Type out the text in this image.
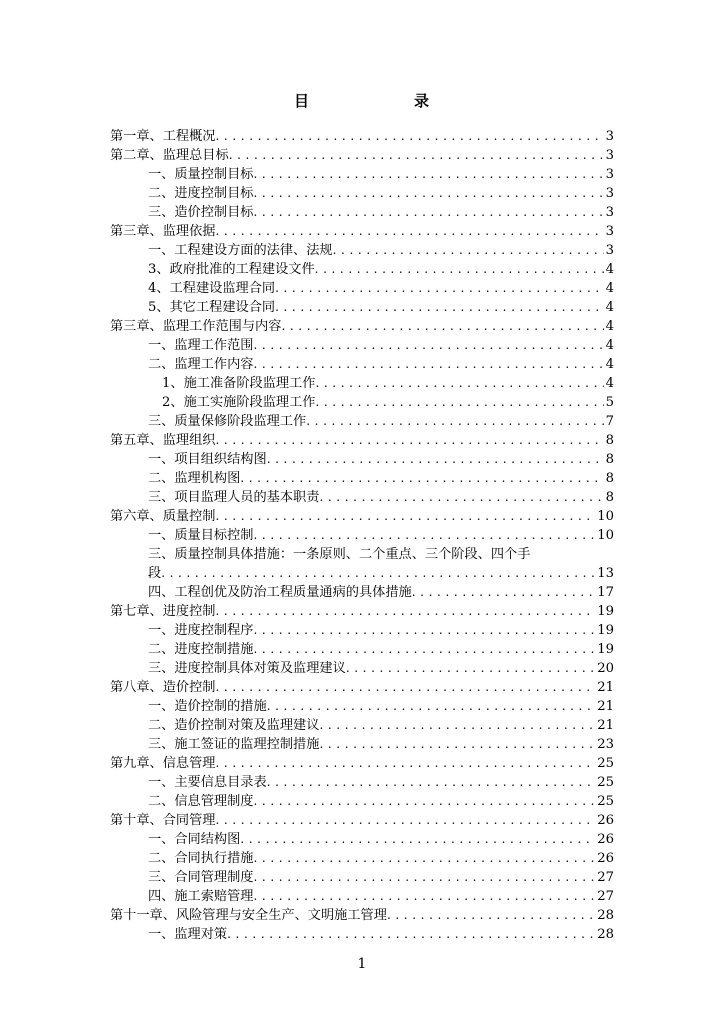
目	录
第一章、工程概况 . . .	3
第二章、监理总目标 . . .	3
一、质量控制目标 . . .	3
二、进度控制目标 . . .	3
三、造价控制目标 . . .	3
第三章、监理依据 . . .	3
一、工程建设方面的法律、法规 . . .	3
3、政府批准的工程建设文件 . . .	4
4、工程建设监理合同 . . .	4
5、其它工程建设合同 . . .	4
第三章、监理工作范围与内容 . . .	4
一、监理工作范围 . . .	4
二、监理工作内容 . . .	4
1、施工准备阶段监理工作 . . .	4
2、施工实施阶段监理工作 . . .	5
三、质量保修阶段监理工作 . . .	7
第五章、监理组织 . . .	8
一、项目组织结构图 . . .	8
二、监理机构图 . . .	8
三、项目监理人员的基本职责 . . .	8
第六章、质量控制 . . .	10
一、质量目标控制 . . .	10
三、质量控制具体措施：一条原则、二个重点、三个阶段、四个手
段 . . .	13
四、工程创优及防治工程质量通病的具体措施 . . .	17
第七章、进度控制 . . .	19
一、进度控制程序 . . .	19
二、进度控制措施 . . .	19
三、进度控制具体对策及监理建议 . . .	20
第八章、造价控制 . . .	21
一、造价控制的措施 . . .	21
二、造价控制对策及监理建议 . . .	21
三、施工签证的监理控制措施 . . .	23
第九章、信息管理 . . .	25
一、主要信息目录表 . . .	25
二、信息管理制度 . . .	25
第十章、合同管理 . . .	26
一、合同结构图 . . .	26
二、合同执行措施 . . .	26
三、合同管理制度 . . .	27
四、施工索赔管理 . . .	27
第十一章、风险管理与安全生产、文明施工管理 . . .	28
一、监理对策 . . .	28
1
